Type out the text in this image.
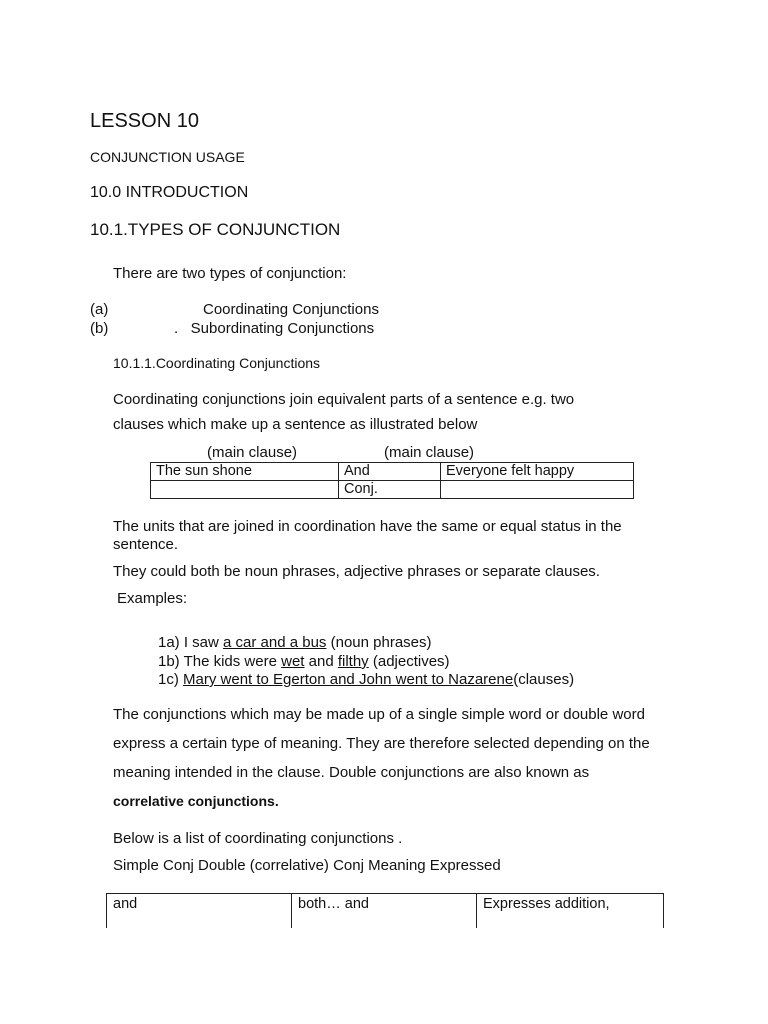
LESSON 10
CONJUNCTION USAGE
10.0 INTRODUCTION
10.1.TYPES OF CONJUNCTION
There are two types of conjunction:
(a)	Coordinating Conjunctions
(b)	.   Subordinating Conjunctions
10.1.1.Coordinating Conjunctions
Coordinating conjunctions join equivalent parts of a sentence e.g. two
clauses which make up a sentence as illustrated below
(main clause)	(main clause)
The sun shone	And	Everyone felt happy
	Conj.	
The units that are joined in coordination have the same or equal status in the
sentence.
They could both be noun phrases, adjective phrases or separate clauses.
Examples:
1a) I saw a car and a bus (noun phrases)
1b) The kids were wet and filthy (adjectives)
1c) Mary went to Egerton and John went to Nazarene(clauses)
The conjunctions which may be made up of a single simple word or double word
express a certain type of meaning. They are therefore selected depending on the
meaning intended in the clause. Double conjunctions are also known as
correlative conjunctions.
Below is a list of coordinating conjunctions .
Simple Conj Double (correlative) Conj Meaning Expressed
and	both… and	Expresses addition,
